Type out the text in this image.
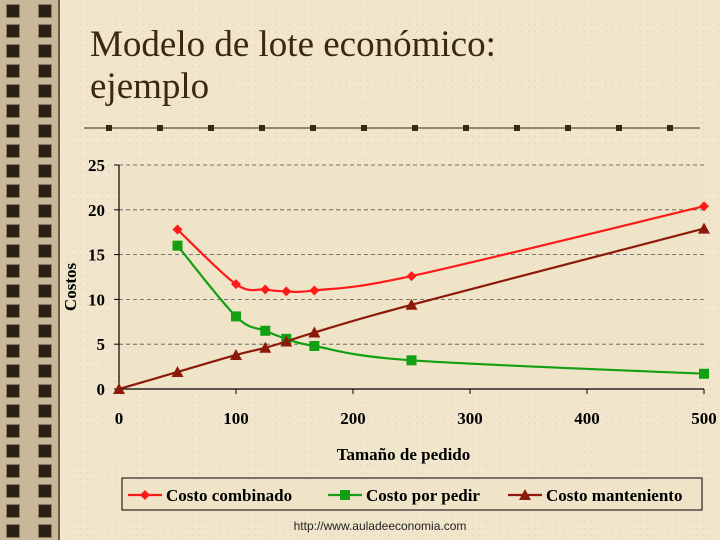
Modelo de lote económico:
ejemplo
0
5
10
15
20
25
0	100	200	300	400	500
Tamaño de pedido
Costos
Costo combinado	Costo por pedir	Costo manteniento
http://www.auladeeconomia.com
